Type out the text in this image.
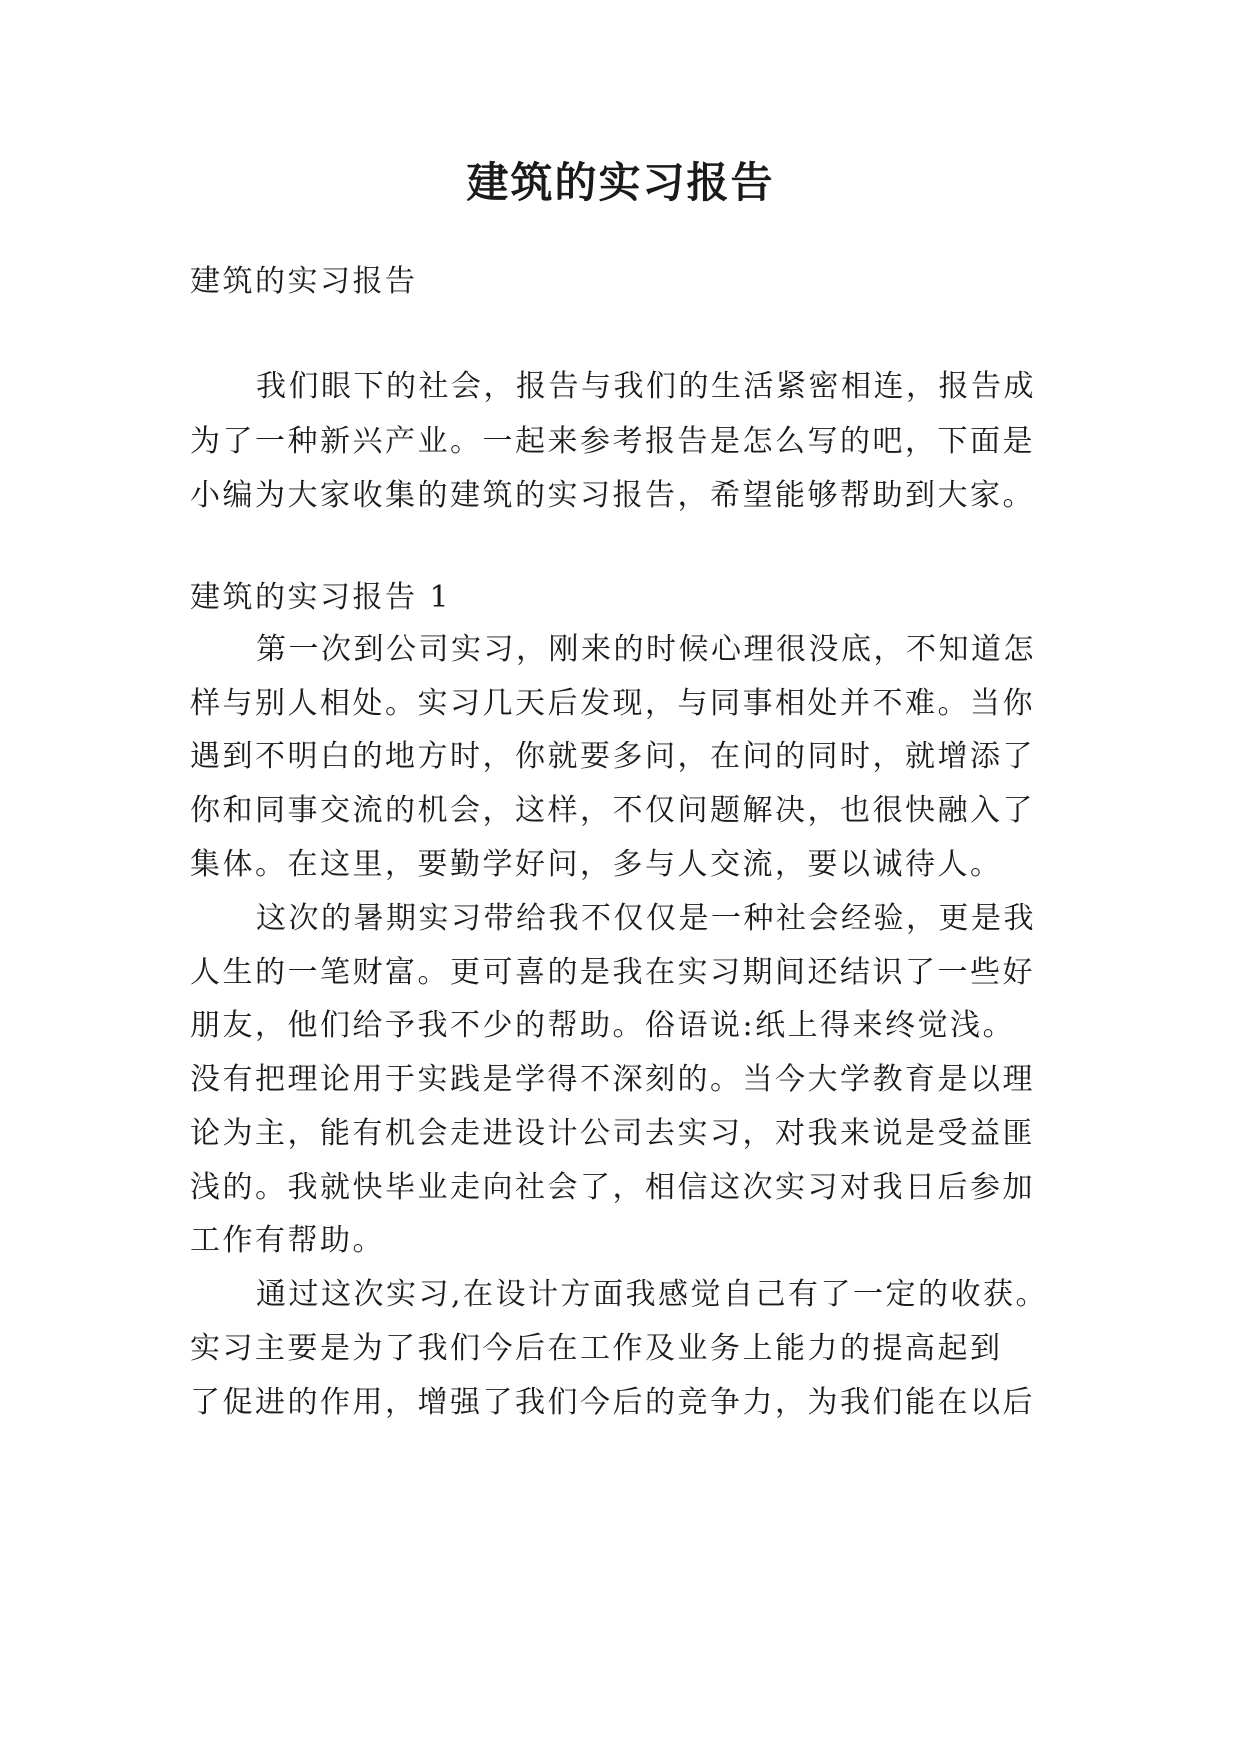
建筑的实习报告
建筑的实习报告
我们眼下的社会，报告与我们的生活紧密相连，报告成
为了一种新兴产业。一起来参考报告是怎么写的吧，下面是
小编为大家收集的建筑的实习报告，希望能够帮助到大家。
建筑的实习报告 1
第一次到公司实习，刚来的时候心理很没底，不知道怎
样与别人相处。实习几天后发现，与同事相处并不难。当你
遇到不明白的地方时，你就要多问，在问的同时，就增添了
你和同事交流的机会，这样，不仅问题解决，也很快融入了
集体。在这里，要勤学好问，多与人交流，要以诚待人。
这次的暑期实习带给我不仅仅是一种社会经验，更是我
人生的一笔财富。更可喜的是我在实习期间还结识了一些好
朋友，他们给予我不少的帮助。俗语说:纸上得来终觉浅。
没有把理论用于实践是学得不深刻的。当今大学教育是以理
论为主，能有机会走进设计公司去实习，对我来说是受益匪
浅的。我就快毕业走向社会了，相信这次实习对我日后参加
工作有帮助。
通过这次实习,在设计方面我感觉自己有了一定的收获。
实习主要是为了我们今后在工作及业务上能力的提高起到
了促进的作用，增强了我们今后的竞争力，为我们能在以后
